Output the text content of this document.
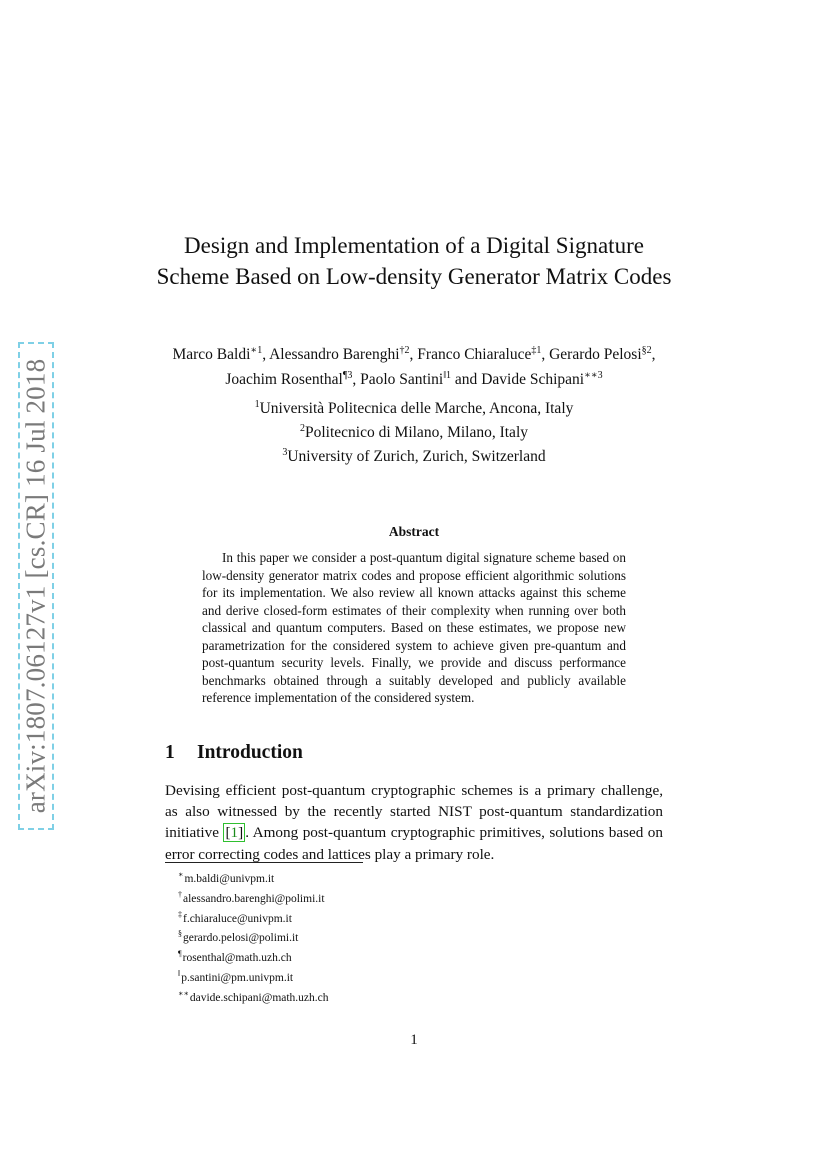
arXiv:1807.06127v1 [cs.CR] 16 Jul 2018
Design and Implementation of a Digital Signature Scheme Based on Low-density Generator Matrix Codes
Marco Baldi$^{∗1}$, Alessandro Barenghi$^{\dagger 2}$, Franco Chiaraluce$^{\ddagger 1}$, Gerardo Pelosi$^{\S 2}$, Joachim Rosenthal$^{\P 3}$, Paolo Santini$^{‖1}$ and Davide Schipani$^{∗∗3}$
$^1$Università Politecnica delle Marche, Ancona, Italy
$^2$Politecnico di Milano, Milano, Italy
$^3$University of Zurich, Zurich, Switzerland
Abstract
In this paper we consider a post-quantum digital signature scheme based on low-density generator matrix codes and propose efficient algorithmic solutions for its implementation. We also review all known attacks against this scheme and derive closed-form estimates of their complexity when running over both classical and quantum computers. Based on these estimates, we propose new parametrization for the considered system to achieve given pre-quantum and post-quantum security levels. Finally, we provide and discuss performance benchmarks obtained through a suitably developed and publicly available reference implementation of the considered system.
1 Introduction
Devising efficient post-quantum cryptographic schemes is a primary challenge, as also witnessed by the recently started NIST post-quantum standardization initiative [1] . Among post-quantum cryptographic primitives, solutions based on error correcting codes and lattices play a primary role.
∗m.baldi@univpm.it
†alessandro.barenghi@polimi.it
‡f.chiaraluce@univpm.it
§gerardo.pelosi@polimi.it
¶rosenthal@math.uzh.ch
‖p.santini@pm.univpm.it
∗∗davide.schipani@math.uzh.ch
1
